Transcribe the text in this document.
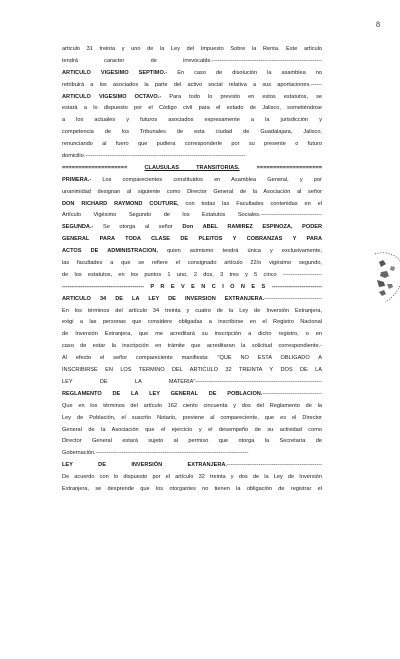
8
articulo 31 treinta y uno de la Ley del Impuesto Sobre la Renta. Este articulo
tendrá caracter de irrevocable.-----------------------------------------------------------
ARTICULO VIGESIMO SEPTIMO.- En caso de disolución la asamblea no
retribuirá a los asociados la parte del activo social relativa a sus aportaciones.------
ARTICULO VIGESIMO OCTAVO.- Para todo lo previsto en estos estatutos, se
estará a lo dispuesto por el Código civil para el estado de Jalisco, sometiéndose
a los actuales y futuros asociados expresamente a la jurisdicción y
competencia de los Tribunales de esta ciudad de Guadalajara, Jalisco,
renunciando al fuero que pudiera corresponderle por su presente o futuro
domicilio.--------------------------------------------------------------------------------------
==================== CLAUSULAS TRANSITORIAS. ====================
PRIMERA.- Los comparecientes constituidos en Asamblea General, y por
unanimidad designan al siguiente como Director General de la Asociación al señor
DON RICHARD RAYMOND COUTURE, con todas las Facultades contenidas en el
Artículo Vigésimo Segundo de los Estatutos Sociales.---------------------------------
SEGUNDA.- Se otorga al señor Don ABEL RAMIREZ ESPINOZA, PODER
GENERAL PARA TODA CLASE DE PLEITOS Y COBRANZAS Y PARA
ACTOS DE ADMINISTRACION, quien asimismo tendrá única y exclusivamente,
las facultades a que se refiere el consignado artículo 22/o vigésimo segundo,
de los estatutos, en los puntos 1 uno, 2 dos, 3 tres y 5 cinco ---------------------
-------------------------------------------- P R E V E N C I O N E S ---------------------------
ARTICULO 34 DE LA LEY DE INVERSION EXTRANJERA.-------------------------------
En los términos del artículo 34 treinta y cuatro de la Ley de Inversión Extranjera,
exigi a las personas que considere obligadas a inscribirse en el Registro Nacional
de Inversión Extranjera, que me acreditará su inscripción a dicho registro, o en
caso de estar la inscripción en trámite que acreditaran la solicitud correspondiente.-
Al efecto el señor compareciente manifiesta: "QUE NO ESTA OBLIGADO A
INSCRIBIRSE EN LOS TERMINO DEL ARTICULO 32 TREINTA Y DOS DE LA
LEY DE LA MATERIA"--------------------------------------------------------------------
REGLAMENTO DE LA LEY GENERAL DE POBLACION.--------------------------------
Que en los términos del artículo 162 ciento cincuenta y dos del Reglamento de la
Ley de Población, el suscrito Notario, previene al compareciente, que es el Director
General de la Asociación que el ejercicio y el desempeño de su actividad como
Director General estará sujeto al permiso que otorga la Secretaría de
Gobernación.----------------------------------------------------------------------------------
LEY DE INVERSIÓN EXTRANJERA.---------------------------------------------------
De acuerdo con lo dispuesto por el artículo 32 treinta y dos de la Ley de Inversión
Extranjera, se desprende que los otorgantes no tienen la obligación de registrar el
